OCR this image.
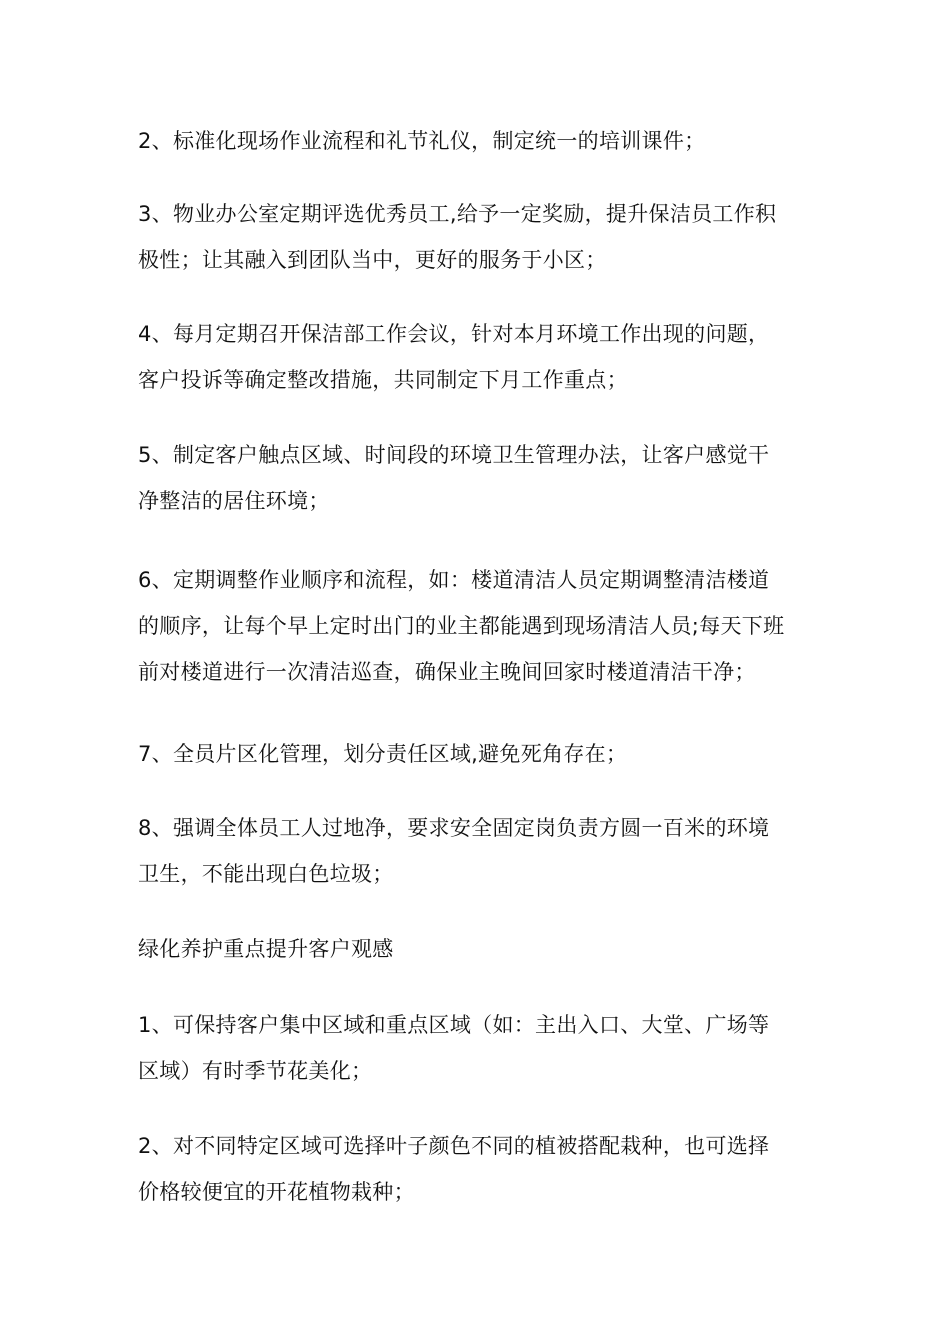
2、标准化现场作业流程和礼节礼仪，制定统一的培训课件；

3、物业办公室定期评选优秀员工,给予一定奖励，提升保洁员工作积
极性；让其融入到团队当中，更好的服务于小区；

4、每月定期召开保洁部工作会议，针对本月环境工作出现的问题，
客户投诉等确定整改措施，共同制定下月工作重点；

5、制定客户触点区域、时间段的环境卫生管理办法，让客户感觉干
净整洁的居住环境；

6、定期调整作业顺序和流程，如：楼道清洁人员定期调整清洁楼道
的顺序，让每个早上定时出门的业主都能遇到现场清洁人员;每天下班
前对楼道进行一次清洁巡查，确保业主晚间回家时楼道清洁干净；

7、全员片区化管理，划分责任区域,避免死角存在；

8、强调全体员工人过地净，要求安全固定岗负责方圆一百米的环境
卫生，不能出现白色垃圾；

绿化养护重点提升客户观感

1、可保持客户集中区域和重点区域（如：主出入口、大堂、广场等
区域）有时季节花美化；

2、对不同特定区域可选择叶子颜色不同的植被搭配栽种，也可选择
价格较便宜的开花植物栽种；
